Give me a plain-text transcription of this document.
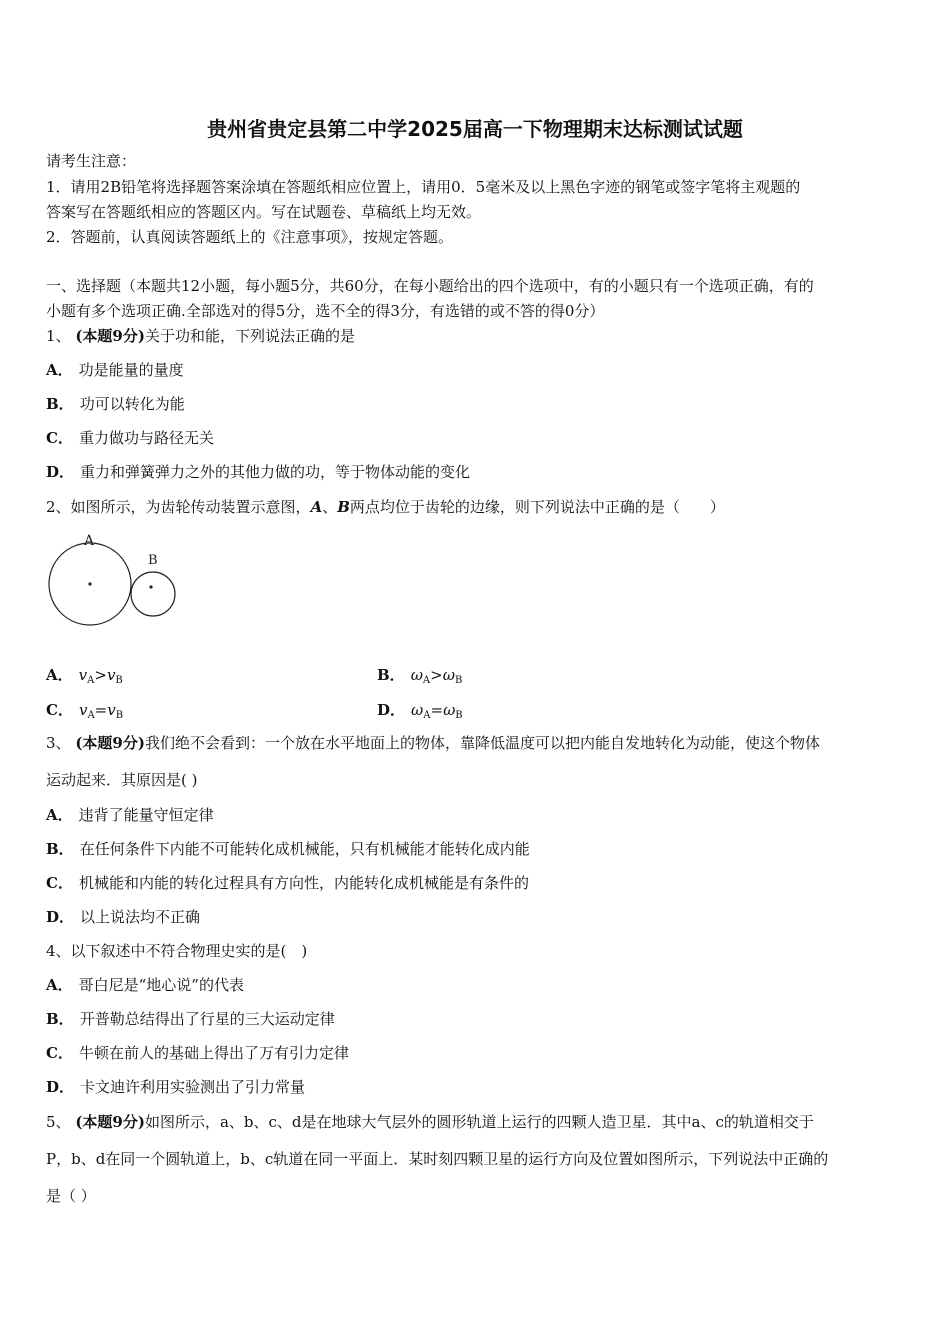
贵州省贵定县第二中学2025届高一下物理期末达标测试试题
请考生注意：
1．请用2B铅笔将选择题答案涂填在答题纸相应位置上，请用0．5毫米及以上黑色字迹的钢笔或签字笔将主观题的
答案写在答题纸相应的答题区内。写在试题卷、草稿纸上均无效。
2．答题前，认真阅读答题纸上的《注意事项》，按规定答题。
一、选择题（本题共12小题，每小题5分，共60分，在每小题给出的四个选项中，有的小题只有一个选项正确，有的
小题有多个选项正确.全部选对的得5分，选不全的得3分，有选错的或不答的得0分）
1、 (本题9分)关于功和能，下列说法正确的是
A． 功是能量的量度
B． 功可以转化为能
C． 重力做功与路径无关
D． 重力和弹簧弹力之外的其他力做的功，等于物体动能的变化
2、如图所示，为齿轮传动装置示意图，A、B两点均位于齿轮的边缘，则下列说法中正确的是（　　）
A
B
A． $v_A>v_B$	B． $\omega_A>\omega_B$
C． $v_A=v_B$	D． $\omega_A=\omega_B$
3、 (本题9分)我们绝不会看到：一个放在水平地面上的物体，靠降低温度可以把内能自发地转化为动能，使这个物体
运动起来．其原因是( )
A． 违背了能量守恒定律
B． 在任何条件下内能不可能转化成机械能，只有机械能才能转化成内能
C． 机械能和内能的转化过程具有方向性，内能转化成机械能是有条件的
D． 以上说法均不正确
4、以下叙述中不符合物理史实的是(　)
A． 哥白尼是“地心说”的代表
B． 开普勒总结得出了行星的三大运动定律
C． 牛顿在前人的基础上得出了万有引力定律
D． 卡文迪许利用实验测出了引力常量
5、 (本题9分)如图所示，a、b、c、d是在地球大气层外的圆形轨道上运行的四颗人造卫星．其中a、c的轨道相交于
P，b、d在同一个圆轨道上，b、c轨道在同一平面上．某时刻四颗卫星的运行方向及位置如图所示，下列说法中正确的
是（ ）
